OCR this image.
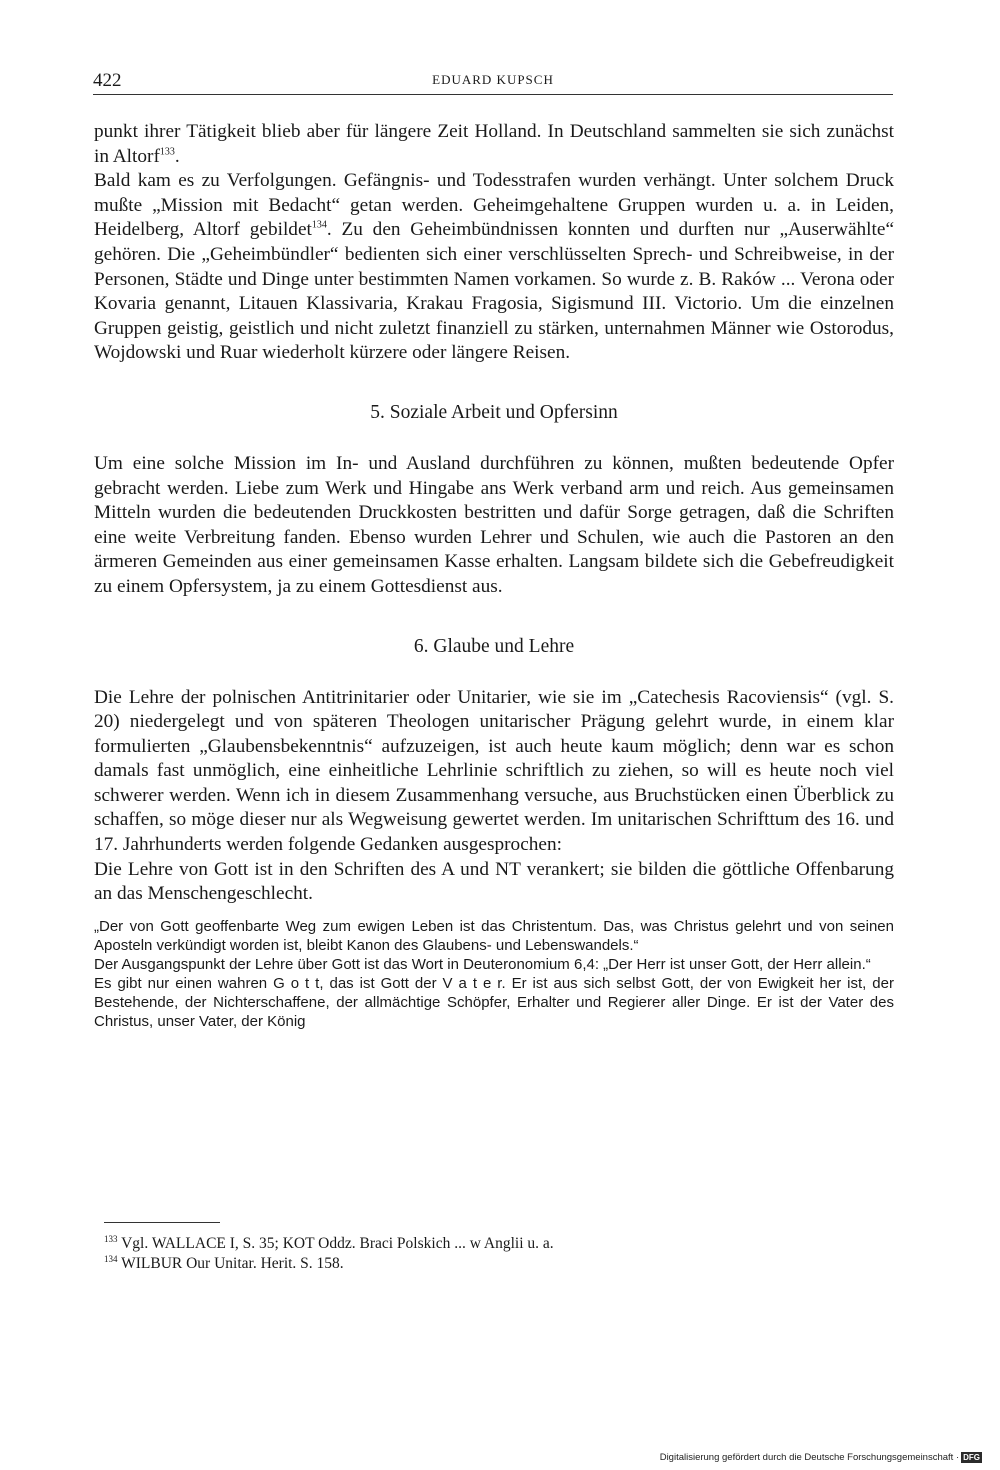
422	EDUARD KUPSCH

punkt ihrer Tätigkeit blieb aber für längere Zeit Holland. In Deutschland sammelten sie sich zunächst in Altorf$^{133}$.

Bald kam es zu Verfolgungen. Gefängnis- und Todesstrafen wurden verhängt. Unter solchem Druck mußte „Mission mit Bedacht“ getan werden. Geheimgehaltene Gruppen wurden u. a. in Leiden, Heidelberg, Altorf gebildet$^{134}$. Zu den Geheimbündnissen konnten und durften nur „Auserwählte“ gehören. Die „Geheimbündler“ bedienten sich einer verschlüsselten Sprech- und Schreibweise, in der Personen, Städte und Dinge unter bestimmten Namen vorkamen. So wurde z. B. Raków ... Verona oder Kovaria genannt, Litauen Klassivaria, Krakau Fragosia, Sigismund III. Victorio. Um die einzelnen Gruppen geistig, geistlich und nicht zuletzt finanziell zu stärken, unternahmen Männer wie Ostorodus, Wojdowski und Ruar wiederholt kürzere oder längere Reisen.

5. Soziale Arbeit und Opfersinn

Um eine solche Mission im In- und Ausland durchführen zu können, mußten bedeutende Opfer gebracht werden. Liebe zum Werk und Hingabe ans Werk verband arm und reich. Aus gemeinsamen Mitteln wurden die bedeutenden Druckkosten bestritten und dafür Sorge getragen, daß die Schriften eine weite Verbreitung fanden. Ebenso wurden Lehrer und Schulen, wie auch die Pastoren an den ärmeren Gemeinden aus einer gemeinsamen Kasse erhalten. Langsam bildete sich die Gebefreudigkeit zu einem Opfersystem, ja zu einem Gottesdienst aus.

6. Glaube und Lehre

Die Lehre der polnischen Antitrinitarier oder Unitarier, wie sie im „Catechesis Racoviensis“ (vgl. S. 20) niedergelegt und von späteren Theologen unitarischer Prägung gelehrt wurde, in einem klar formulierten „Glaubensbekenntnis“ aufzuzeigen, ist auch heute kaum möglich; denn war es schon damals fast unmöglich, eine einheitliche Lehrlinie schriftlich zu ziehen, so will es heute noch viel schwerer werden. Wenn ich in diesem Zusammenhang versuche, aus Bruchstücken einen Überblick zu schaffen, so möge dieser nur als Wegweisung gewertet werden. Im unitarischen Schrifttum des 16. und 17. Jahrhunderts werden folgende Gedanken ausgesprochen:

Die Lehre von Gott ist in den Schriften des A und NT verankert; sie bilden die göttliche Offenbarung an das Menschengeschlecht.

„Der von Gott geoffenbarte Weg zum ewigen Leben ist das Christentum. Das, was Christus gelehrt und von seinen Aposteln verkündigt worden ist, bleibt Kanon des Glaubens- und Lebenswandels.“

Der Ausgangspunkt der Lehre über Gott ist das Wort in Deuteronomium 6,4: „Der Herr ist unser Gott, der Herr allein.“

Es gibt nur einen wahren G o t t, das ist Gott der V a t e r. Er ist aus sich selbst Gott, der von Ewigkeit her ist, der Bestehende, der Nichterschaffene, der allmächtige Schöpfer, Erhalter und Regierer aller Dinge. Er ist der Vater des Christus, unser Vater, der König

$^{133}$ Vgl. WALLACE I, S. 35; KOT Oddz. Braci Polskich ... w Anglii u. a.

$^{134}$ WILBUR Our Unitar. Herit. S. 158.

Digitalisierung gefördert durch die Deutsche Forschungsgemeinschaft · DFG
